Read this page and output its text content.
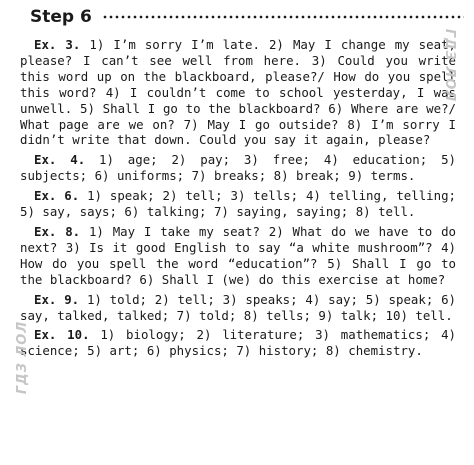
Step 6

Ex. 3. 1) I’m sorry I’m late. 2) May I change my seat, please? I can’t see well from here. 3) Could you write this word up on the blackboard, please?/ How do you spell this word? 4) I couldn’t come to school yesterday, I was unwell. 5) Shall I go to the blackboard? 6) Where are we?/ What page are we on? 7) May I go outside? 8) I’m sorry I didn’t write that down. Could you say it again, please?

Ex. 4. 1) age; 2) pay; 3) free; 4) education; 5) subjects; 6) uniforms; 7) breaks; 8) break; 9) terms.

Ex. 6. 1) speak; 2) tell; 3) tells; 4) telling, telling; 5) say, says; 6) talking; 7) saying, saying; 8) tell.

Ex. 8. 1) May I take my seat? 2) What do we have to do next? 3) Is it good English to say “a white mushroom”? 4) How do you spell the word “education”? 5) Shall I go to the blackboard? 6) Shall I (we) do this exercise at home?

Ex. 9. 1) told; 2) tell; 3) speaks; 4) say; 5) speak; 6) say, talked, talked; 7) told; 8) tells; 9) talk; 10) tell.

Ex. 10. 1) biology; 2) literature; 3) mathematics; 4) science; 5) art; 6) physics; 7) history; 8) chemistry.

ГДЗ ЛОЛ
ГДЗ ЛОЛ
